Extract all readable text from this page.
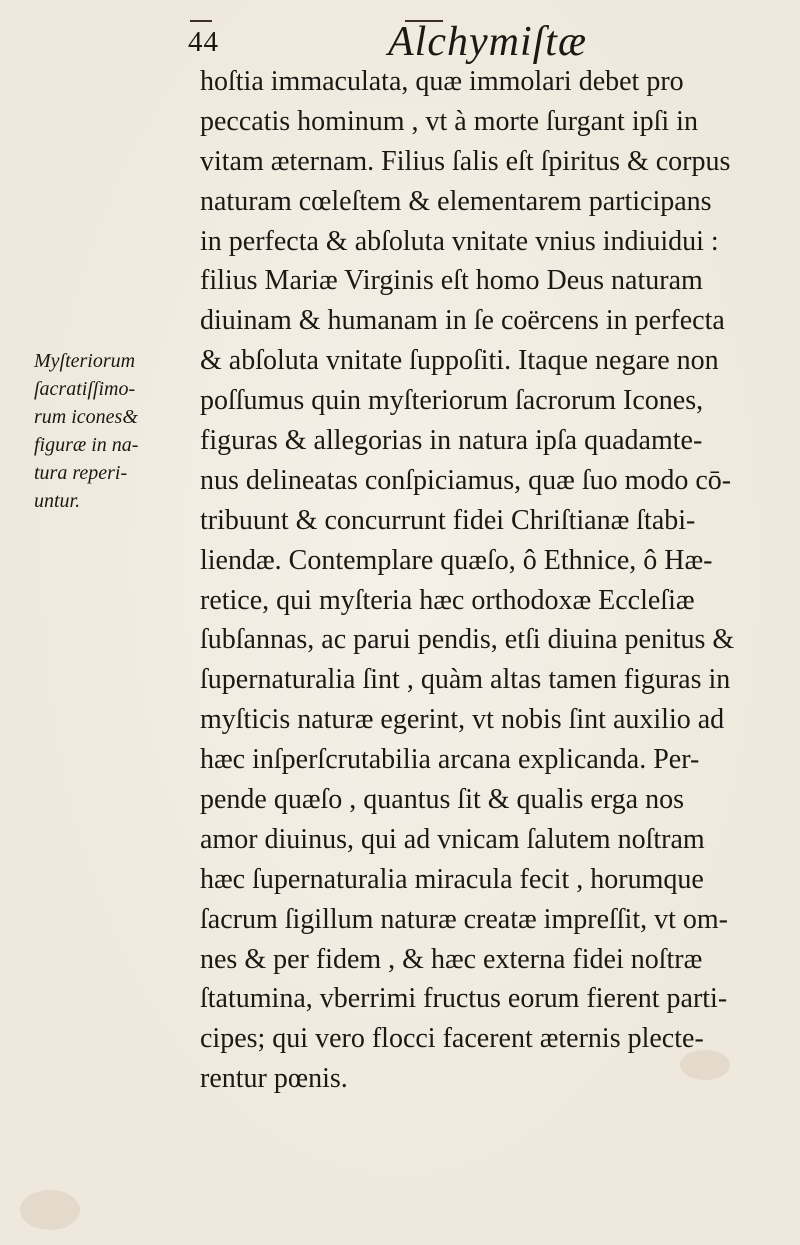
44	Alchymiſtæ
Myſteriorum
ſacratiſſimo-
rum icones&
figuræ in na-
tura reperi-
untur.
hoſtia immaculata, quæ immolari debet pro
peccatis hominum , vt à morte ſurgant ipſi in
vitam æternam. Filius ſalis eſt ſpiritus & corpus
naturam cœleſtem & elementarem participans
in perfecta & abſoluta vnitate vnius indiuidui :
filius Mariæ Virginis eſt homo Deus naturam
diuinam & humanam in ſe coërcens in perfecta
& abſoluta vnitate ſuppoſiti. Itaque negare non
poſſumus quin myſteriorum ſacrorum Icones,
figuras & allegorias in natura ipſa quadamte-
nus delineatas conſpiciamus, quæ ſuo modo cō-
tribuunt & concurrunt fidei Chriſtianæ ſtabi-
liendæ. Contemplare quæſo, ô Ethnice, ô Hæ-
retice, qui myſteria hæc orthodoxæ Eccleſiæ
ſubſannas, ac parui pendis, etſi diuina penitus &
ſupernaturalia ſint , quàm altas tamen figuras in
myſticis naturæ egerint, vt nobis ſint auxilio ad
hæc inſperſcrutabilia arcana explicanda. Per-
pende quæſo , quantus ſit & qualis erga nos
amor diuinus, qui ad vnicam ſalutem noſtram
hæc ſupernaturalia miracula fecit , horumque
ſacrum ſigillum naturæ creatæ impreſſit, vt om-
nes & per fidem , & hæc externa fidei noſtræ
ſtatumina, vberrimi fructus eorum fierent parti-
cipes; qui vero flocci facerent æternis plecte-
rentur pœnis.
